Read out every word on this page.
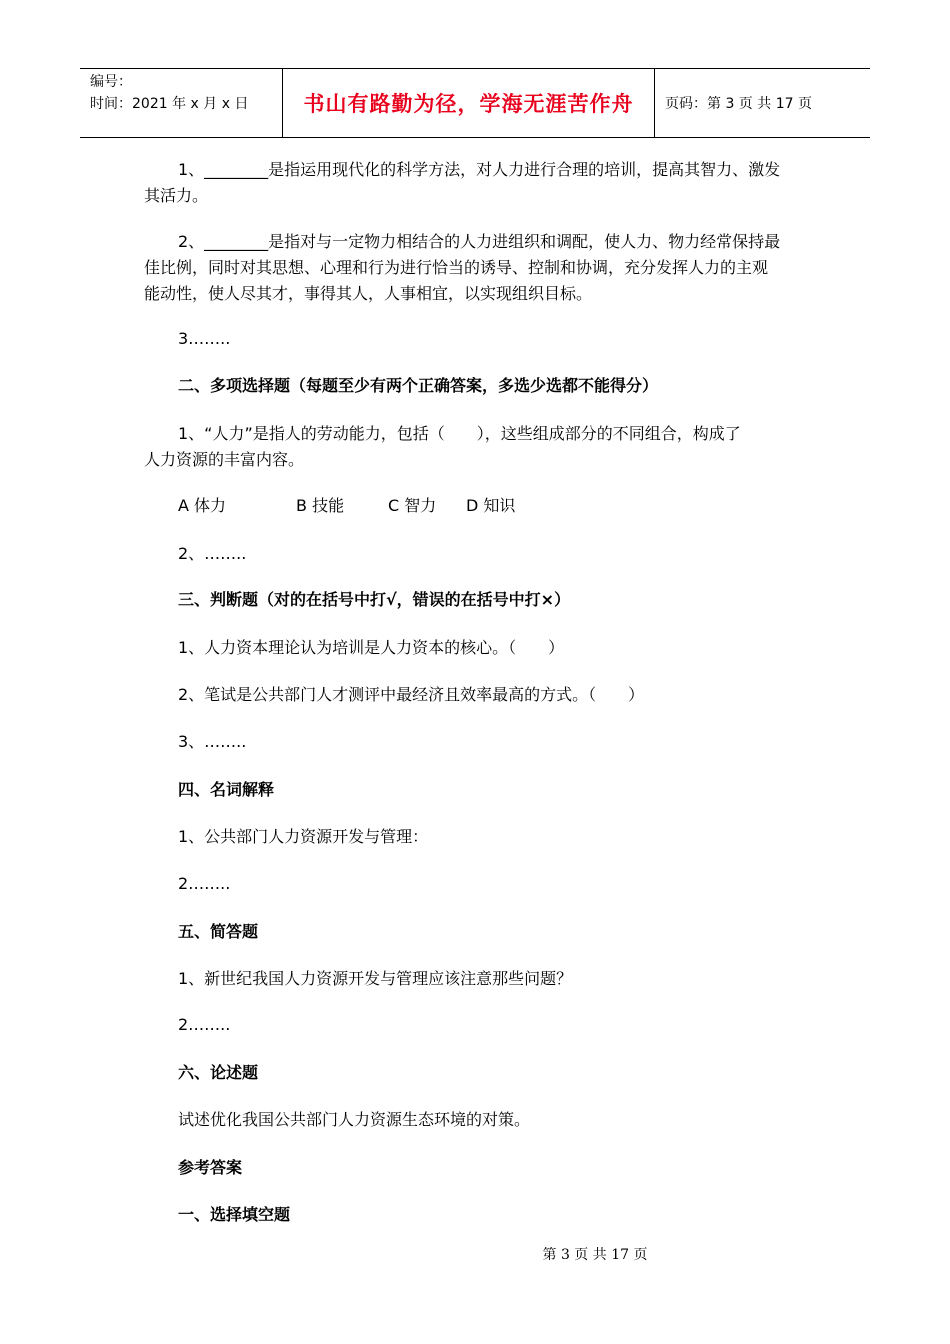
编号：
时间：2021 年 x 月 x 日	书山有路勤为径，学海无涯苦作舟	页码：第 3 页 共 17 页
1、________是指运用现代化的科学方法，对人力进行合理的培训，提高其智力、激发
其活力。
2、________是指对与一定物力相结合的人力进组织和调配，使人力、物力经常保持最
佳比例，同时对其思想、心理和行为进行恰当的诱导、控制和协调，充分发挥人力的主观
能动性，使人尽其才，事得其人，人事相宜，以实现组织目标。
3……..
二、多项选择题（每题至少有两个正确答案，多选少选都不能得分）
1、“人力”是指人的劳动能力，包括（　　），这些组成部分的不同组合，构成了
人力资源的丰富内容。
A 体力	B 技能	C 智力 D 知识
2、……..
三、判断题（对的在括号中打√，错误的在括号中打×）
1、人力资本理论认为培训是人力资本的核心。（　　）
2、笔试是公共部门人才测评中最经济且效率最高的方式。（　　）
3、……..
四、名词解释
1、公共部门人力资源开发与管理：
2……..
五、简答题
1、新世纪我国人力资源开发与管理应该注意那些问题？
2……..
六、论述题
试述优化我国公共部门人力资源生态环境的对策。
参考答案
一、选择填空题
第 3 页 共 17 页
